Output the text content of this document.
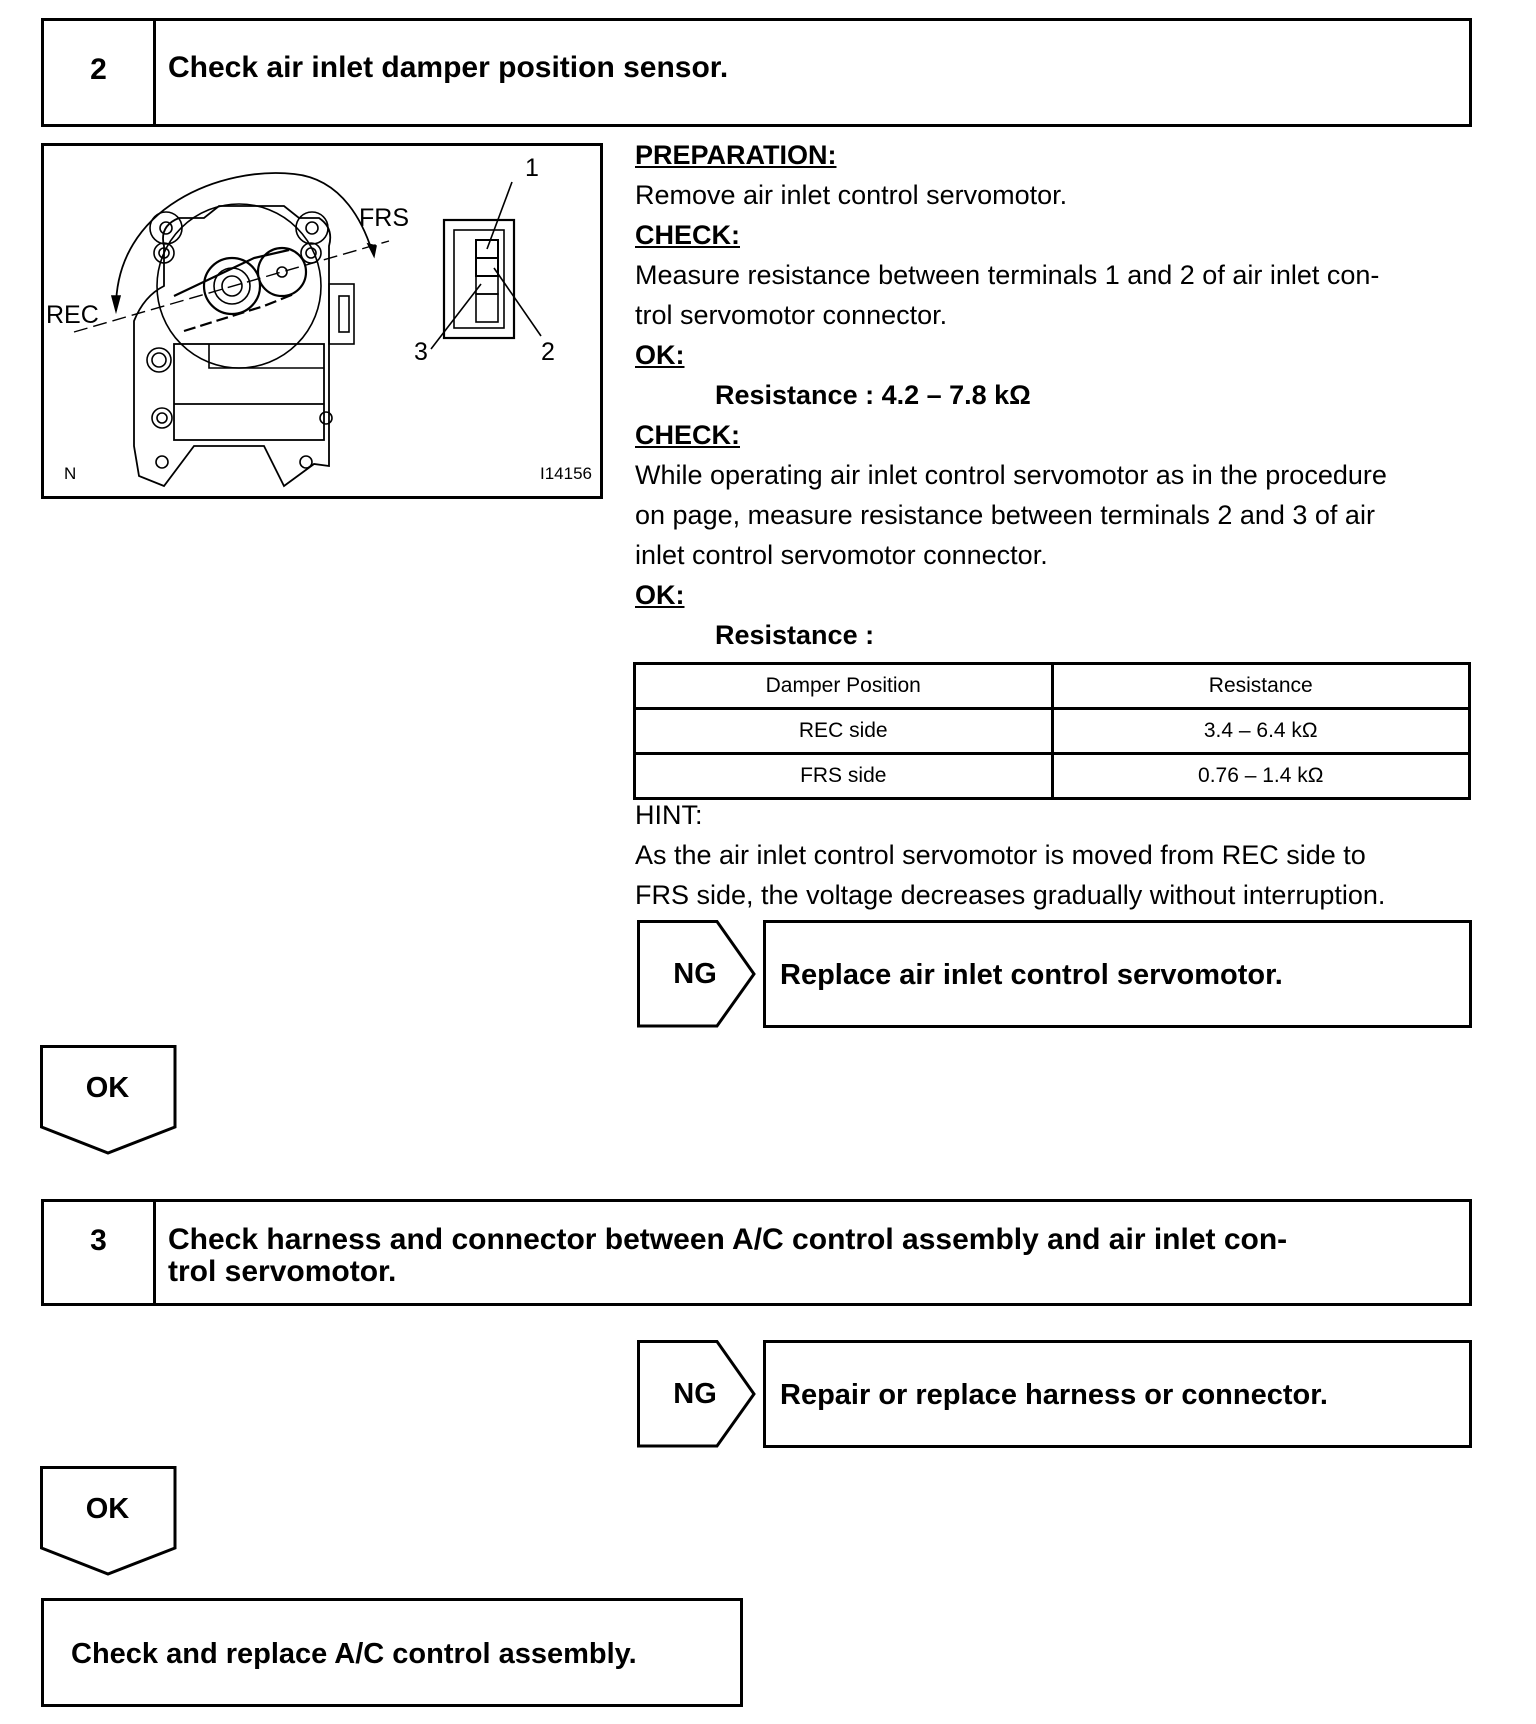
2	Check air inlet damper position sensor.
FRS
REC
1
2
3
N	I14156
PREPARATION:
Remove air inlet control servomotor.
CHECK:
Measure resistance between terminals 1 and 2 of air inlet con-
trol servomotor connector.
OK:
Resistance : 4.2 – 7.8 kΩ
CHECK:
While operating air inlet control servomotor as in the procedure
on page, measure resistance between terminals 2 and 3 of air
inlet control servomotor connector.
OK:
Resistance :
Damper Position	Resistance
REC side	3.4 – 6.4 kΩ
FRS side	0.76 – 1.4 kΩ
HINT:
As the air inlet control servomotor is moved from REC side to
FRS side, the voltage decreases gradually without interruption.
NG	Replace air inlet control servomotor.
OK
3	Check harness and connector between A/C control assembly and air inlet con-
trol servomotor.
NG	Repair or replace harness or connector.
OK
Check and replace A/C control assembly.
